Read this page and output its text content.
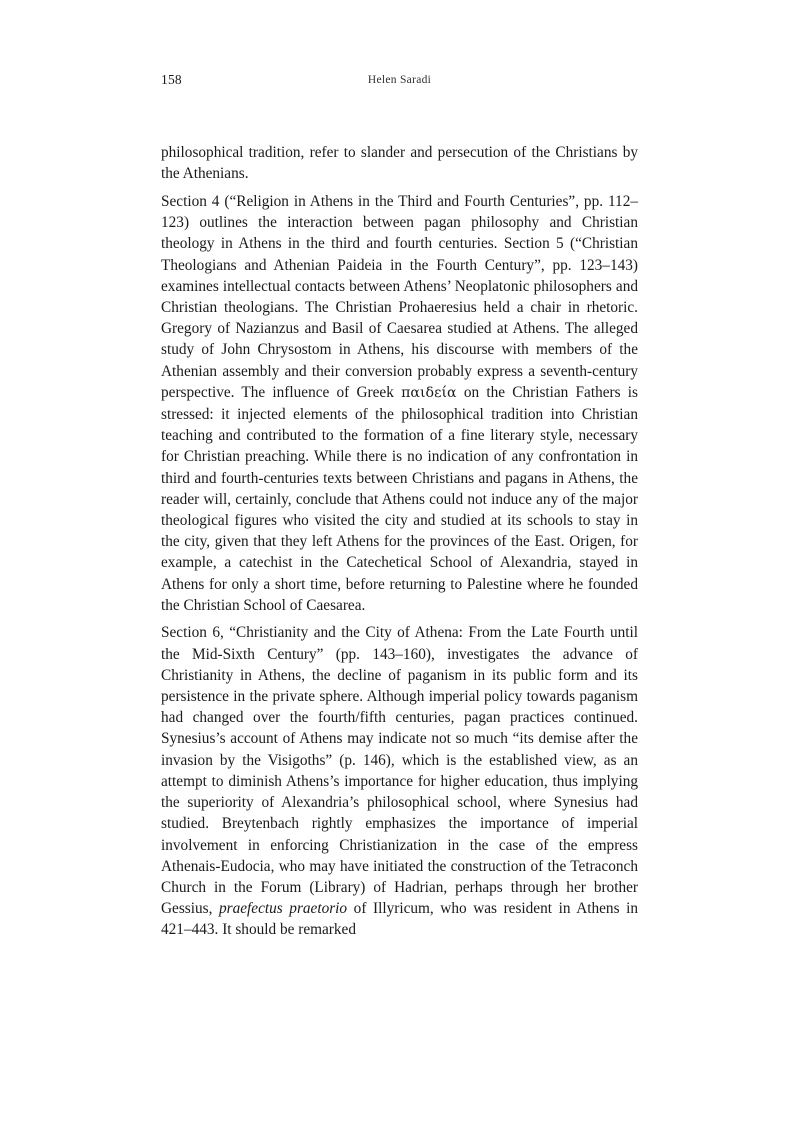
158	Helen Saradi

philosophical tradition, refer to slander and persecution of the Christians by the Athenians.

Section 4 (“Religion in Athens in the Third and Fourth Centuries”, pp. 112–123) outlines the interaction between pagan philosophy and Christian theology in Athens in the third and fourth centuries. Section 5 (“Christian Theologians and Athenian Paideia in the Fourth Century”, pp. 123–143) examines intellectual contacts between Athens’ Neoplatonic philosophers and Christian theologians. The Christian Prohaeresius held a chair in rhetoric. Gregory of Nazianzus and Basil of Caesarea studied at Athens. The alleged study of John Chrysostom in Athens, his discourse with members of the Athenian assembly and their conversion probably express a seventh-century perspective. The influence of Greek παιδεία on the Christian Fathers is stressed: it injected elements of the philosophical tradition into Christian teaching and contributed to the formation of a fine literary style, necessary for Christian preaching. While there is no indication of any confrontation in third and fourth-centuries texts between Christians and pagans in Athens, the reader will, certainly, conclude that Athens could not induce any of the major theological figures who visited the city and studied at its schools to stay in the city, given that they left Athens for the provinces of the East. Origen, for example, a catechist in the Catechetical School of Alexandria, stayed in Athens for only a short time, before returning to Palestine where he founded the Christian School of Caesarea.

Section 6, “Christianity and the City of Athena: From the Late Fourth until the Mid-Sixth Century” (pp. 143–160), investigates the advance of Christianity in Athens, the decline of paganism in its public form and its persistence in the private sphere. Although imperial policy towards paganism had changed over the fourth/fifth centuries, pagan practices continued. Synesius’s account of Athens may indicate not so much “its demise after the invasion by the Visigoths” (p. 146), which is the established view, as an attempt to diminish Athens’s importance for higher education, thus implying the superiority of Alexandria’s philosophical school, where Synesius had studied. Breytenbach rightly emphasizes the importance of imperial involvement in enforcing Christianization in the case of the empress Athenais-Eudocia, who may have initiated the construction of the Tetraconch Church in the Forum (Library) of Hadrian, perhaps through her brother Gessius, praefectus praetorio of Illyricum, who was resident in Athens in 421–443. It should be remarked
